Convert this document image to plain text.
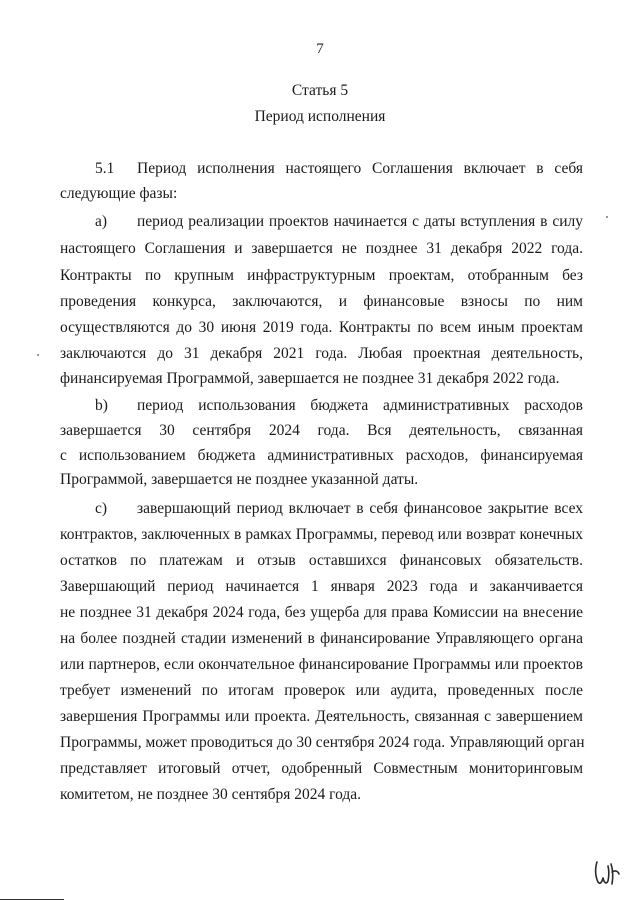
7
Статья 5
Период исполнения
5.1 Период исполнения настоящего Соглашения включает в себя
следующие фазы:
a) период реализации проектов начинается с даты вступления в силу
настоящего Соглашения и завершается не позднее 31 декабря 2022 года.
Контракты по крупным инфраструктурным проектам, отобранным без
проведения конкурса, заключаются, и финансовые взносы по ним
осуществляются до 30 июня 2019 года. Контракты по всем иным проектам
заключаются до 31 декабря 2021 года. Любая проектная деятельность,
финансируемая Программой, завершается не позднее 31 декабря 2022 года.
b) период использования бюджета административных расходов
завершается 30 сентября 2024 года. Вся деятельность, связанная
с использованием бюджета административных расходов, финансируемая
Программой, завершается не позднее указанной даты.
c) завершающий период включает в себя финансовое закрытие всех
контрактов, заключенных в рамках Программы, перевод или возврат конечных
остатков по платежам и отзыв оставшихся финансовых обязательств.
Завершающий период начинается 1 января 2023 года и заканчивается
не позднее 31 декабря 2024 года, без ущерба для права Комиссии на внесение
на более поздней стадии изменений в финансирование Управляющего органа
или партнеров, если окончательное финансирование Программы или проектов
требует изменений по итогам проверок или аудита, проведенных после
завершения Программы или проекта. Деятельность, связанная с завершением
Программы, может проводиться до 30 сентября 2024 года. Управляющий орган
представляет итоговый отчет, одобренный Совместным мониторинговым
комитетом, не позднее 30 сентября 2024 года.
